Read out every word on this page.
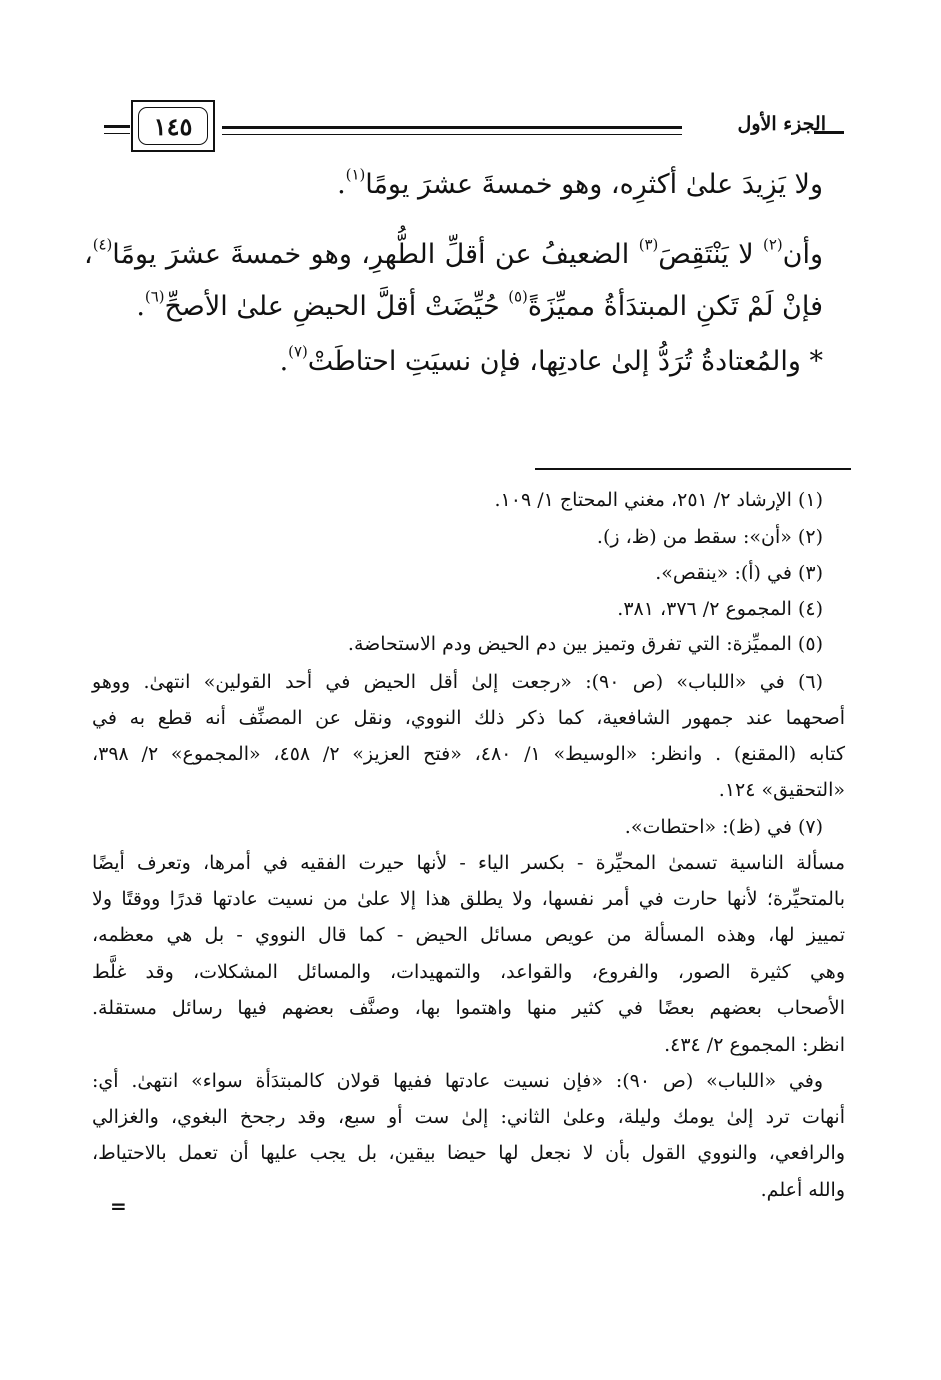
الجزء الأول
١٤٥
ولا يَزِيدَ علىٰ أكثرِه، وهو خمسةَ عشرَ يومًا$^{(١)}$.
وأن$^{(٢)}$ لا يَنْتَقِصَ$^{(٣)}$ الضعيفُ عن أقلِّ الطُّهرِ، وهو خمسةَ عشرَ يومًا$^{(٤)}$،
فإنْ لَمْ تَكنِ المبتدَأةُ مميِّزَةً$^{(٥)}$ حُيِّضَتْ أقلَّ الحيضِ علىٰ الأصحِّ$^{(٦)}$.
* والمُعتادةُ تُرَدُّ إلىٰ عادتِها، فإن نسيَتِ احتاطَتْ$^{(٧)}$.
(١) الإرشاد ٢/ ٢٥١، مغني المحتاج ١/ ١٠٩.
(٢) «أن»: سقط من (ظ، ز).
(٣) في (أ): «ينقص».
(٤) المجموع ٢/ ٣٧٦، ٣٨١.
(٥) المميِّزة: التي تفرق وتميز بين دم الحيض ودم الاستحاضة.
(٦) في «اللباب» (ص ٩٠): «رجعت إلىٰ أقل الحيض في أحد القولين» انتهىٰ. ووهو
أصحهما عند جمهور الشافعية، كما ذكر ذلك النووي، ونقل عن المصنِّف أنه قطع به في
كتابه (المقنع) . وانظر: «الوسيط» ١/ ٤٨٠، «فتح العزيز» ٢/ ٤٥٨، «المجموع» ٢/ ٣٩٨،
«التحقيق» ١٢٤.
(٧) في (ظ): «احتطات».
مسألة الناسية تسمىٰ المحيِّرة - بكسر الياء - لأنها حيرت الفقيه في أمرها، وتعرف أيضًا
بالمتحيِّرة؛ لأنها حارت في أمر نفسها، ولا يطلق هذا إلا علىٰ من نسيت عادتها قدرًا ووقتًا ولا
تمييز لها، وهذه المسألة من عويص مسائل الحيض - كما قال النووي - بل هي معظمه،
وهي كثيرة الصور، والفروع، والقواعد، والتمهيدات، والمسائل المشكلات، وقد غلَّط
الأصحاب بعضهم بعضًا في كثير منها واهتموا بها، وصنَّف بعضهم فيها رسائل مستقلة.
انظر: المجموع ٢/ ٤٣٤.
وفي «اللباب» (ص ٩٠): «فإن نسيت عادتها ففيها قولان كالمبتدَأة سواء» انتهىٰ. أي:
أنهات ترد إلىٰ يومك وليلة، وعلىٰ الثاني: إلىٰ ست أو سبع، وقد رجحخ البغوي، والغزالي
والرافعي، والنووي القول بأن لا نجعل لها حيضا بيقين، بل يجب عليها أن تعمل بالاحتياط،
والله أعلم.
=
